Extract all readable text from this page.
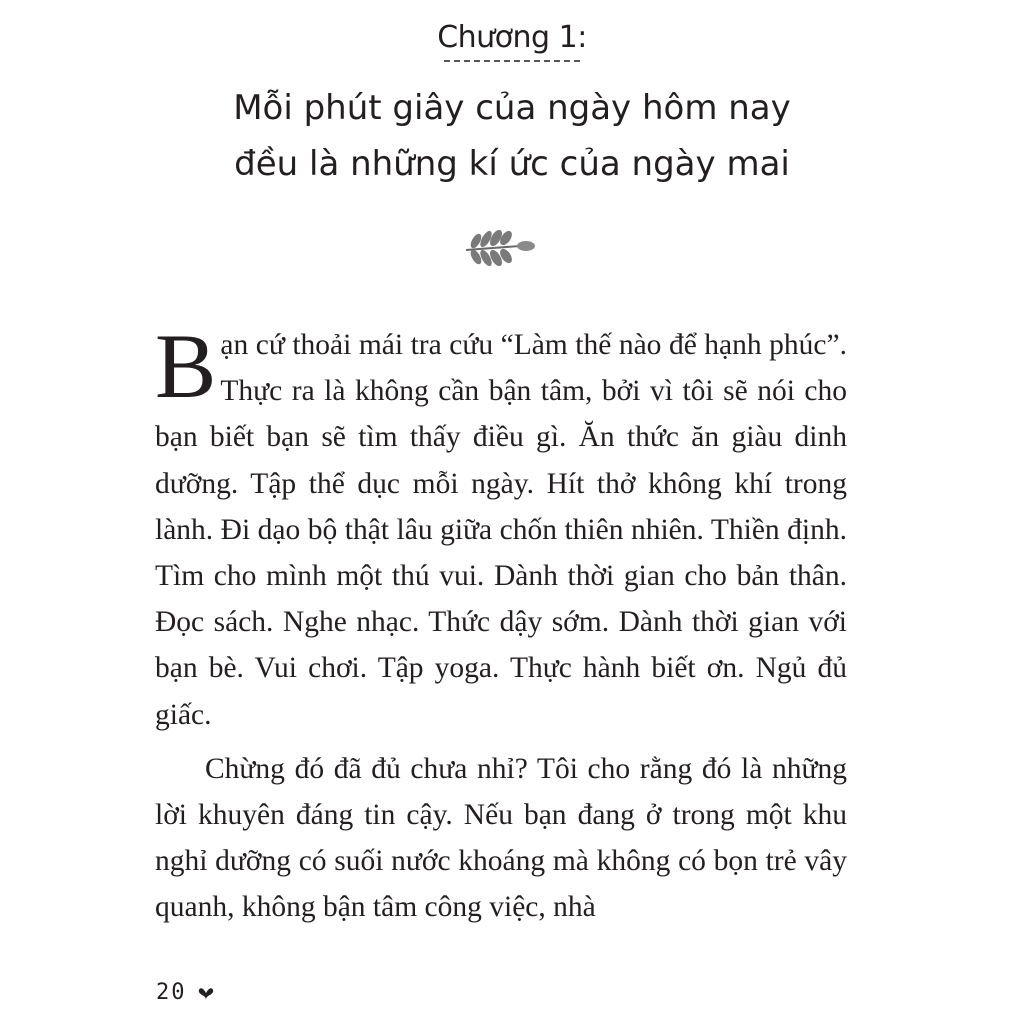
Chương 1:
Mỗi phút giây của ngày hôm nay
đều là những kí ức của ngày mai

Bạn cứ thoải mái tra cứu “Làm thế nào để hạnh phúc”. Thực ra là không cần bận tâm, bởi vì tôi sẽ nói cho bạn biết bạn sẽ tìm thấy điều gì. Ăn thức ăn giàu dinh dưỡng. Tập thể dục mỗi ngày. Hít thở không khí trong lành. Đi dạo bộ thật lâu giữa chốn thiên nhiên. Thiền định. Tìm cho mình một thú vui. Dành thời gian cho bản thân. Đọc sách. Nghe nhạc. Thức dậy sớm. Dành thời gian với bạn bè. Vui chơi. Tập yoga. Thực hành biết ơn. Ngủ đủ giấc.

Chừng đó đã đủ chưa nhỉ? Tôi cho rằng đó là những lời khuyên đáng tin cậy. Nếu bạn đang ở trong một khu nghỉ dưỡng có suối nước khoáng mà không có bọn trẻ vây quanh, không bận tâm công việc, nhà

20
